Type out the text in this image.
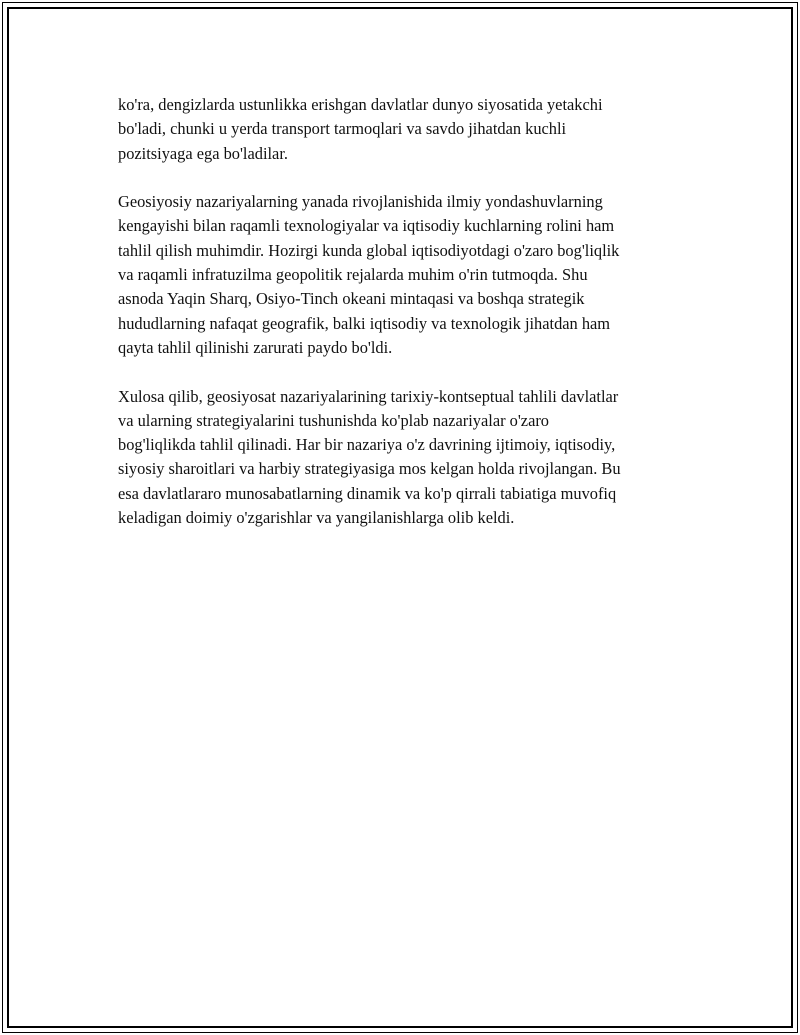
ko'ra, dengizlarda ustunlikka erishgan davlatlar dunyo siyosatida yetakchi
bo'ladi, chunki u yerda transport tarmoqlari va savdo jihatdan kuchli
pozitsiyaga ega bo'ladilar.

Geosiyosiy nazariyalarning yanada rivojlanishida ilmiy yondashuvlarning
kengayishi bilan raqamli texnologiyalar va iqtisodiy kuchlarning rolini ham
tahlil qilish muhimdir. Hozirgi kunda global iqtisodiyotdagi o'zaro bog'liqlik
va raqamli infratuzilma geopolitik rejalarda muhim o'rin tutmoqda. Shu
asnoda Yaqin Sharq, Osiyo-Tinch okeani mintaqasi va boshqa strategik
hududlarning nafaqat geografik, balki iqtisodiy va texnologik jihatdan ham
qayta tahlil qilinishi zarurati paydo bo'ldi.

Xulosa qilib, geosiyosat nazariyalarining tarixiy-kontseptual tahlili davlatlar
va ularning strategiyalarini tushunishda ko'plab nazariyalar o'zaro
bog'liqlikda tahlil qilinadi. Har bir nazariya o'z davrining ijtimoiy, iqtisodiy,
siyosiy sharoitlari va harbiy strategiyasiga mos kelgan holda rivojlangan. Bu
esa davlatlararo munosabatlarning dinamik va ko'p qirrali tabiatiga muvofiq
keladigan doimiy o'zgarishlar va yangilanishlarga olib keldi.
